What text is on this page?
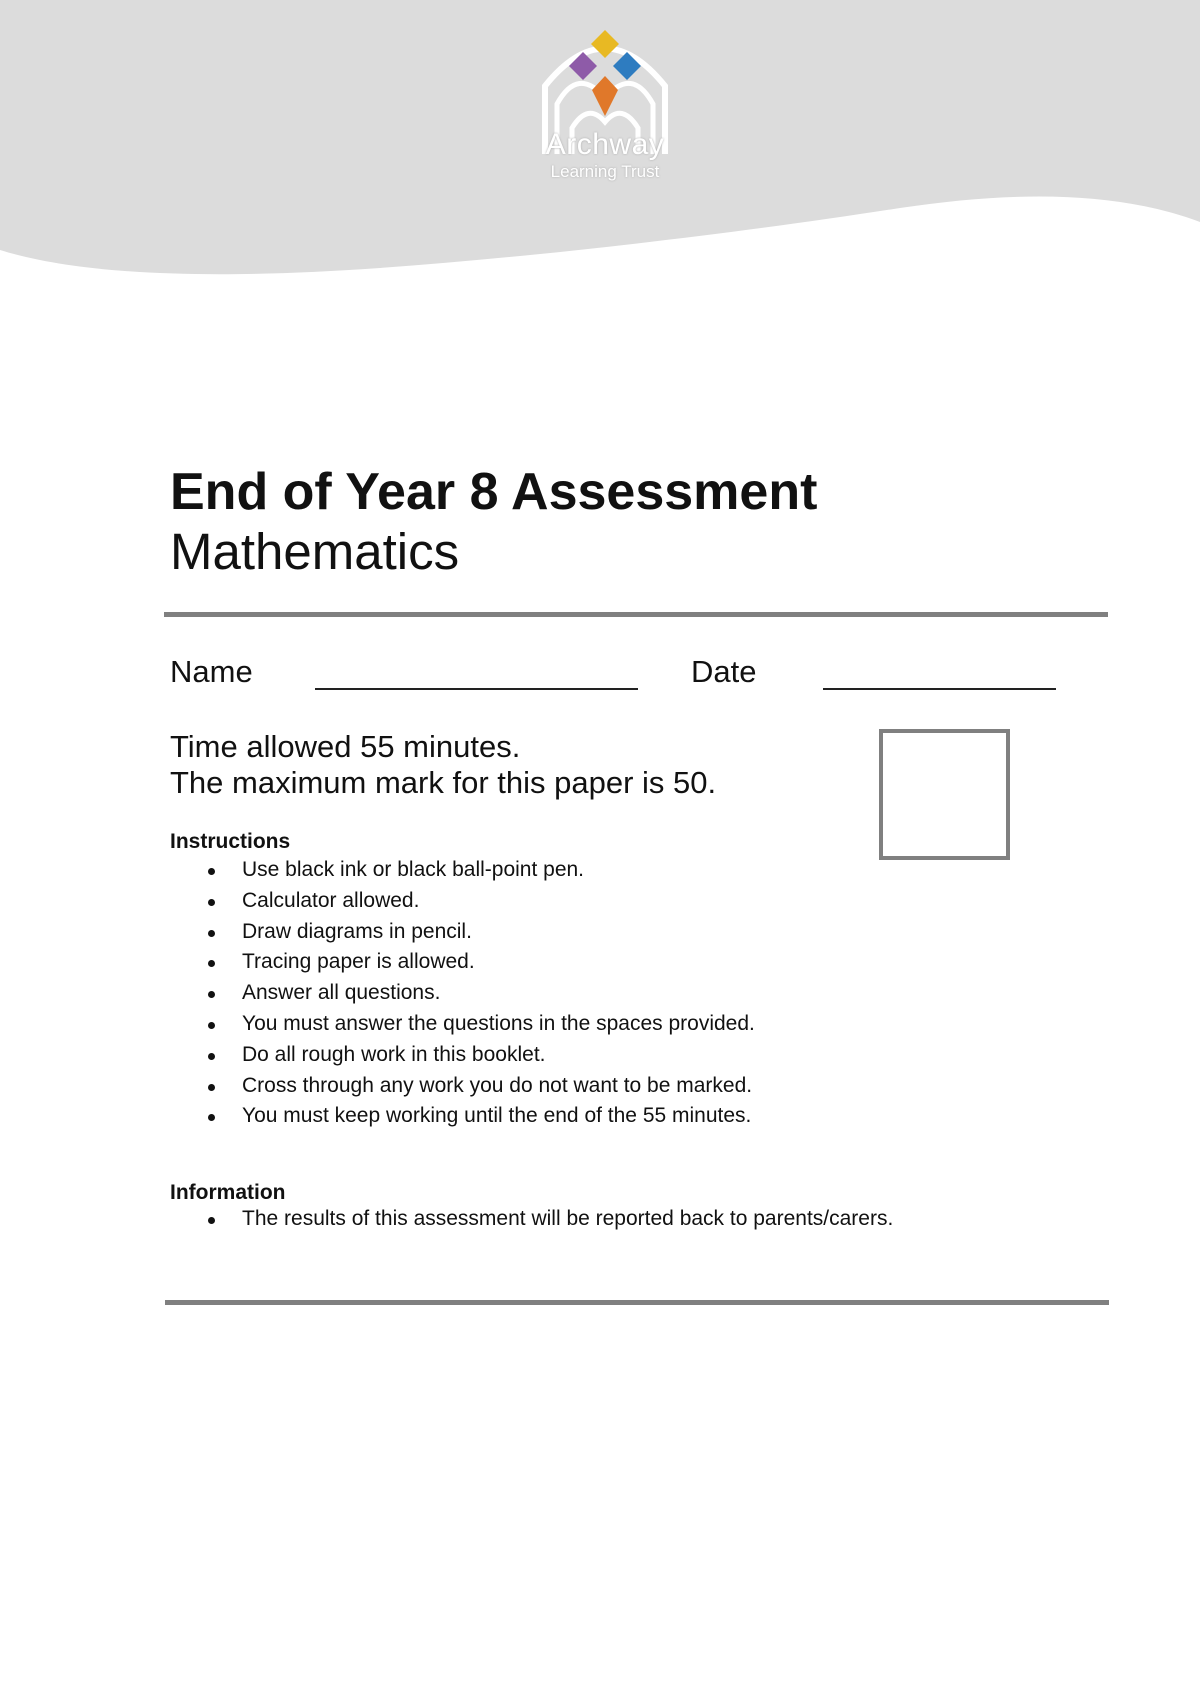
Archway
Learning Trust
End of Year 8 Assessment
Mathematics
Name	Date
Time allowed 55 minutes.
The maximum mark for this paper is 50.
Instructions
Use black ink or black ball-point pen.
Calculator allowed.
Draw diagrams in pencil.
Tracing paper is allowed.
Answer all questions.
You must answer the questions in the spaces provided.
Do all rough work in this booklet.
Cross through any work you do not want to be marked.
You must keep working until the end of the 55 minutes.
Information
The results of this assessment will be reported back to parents/carers.
